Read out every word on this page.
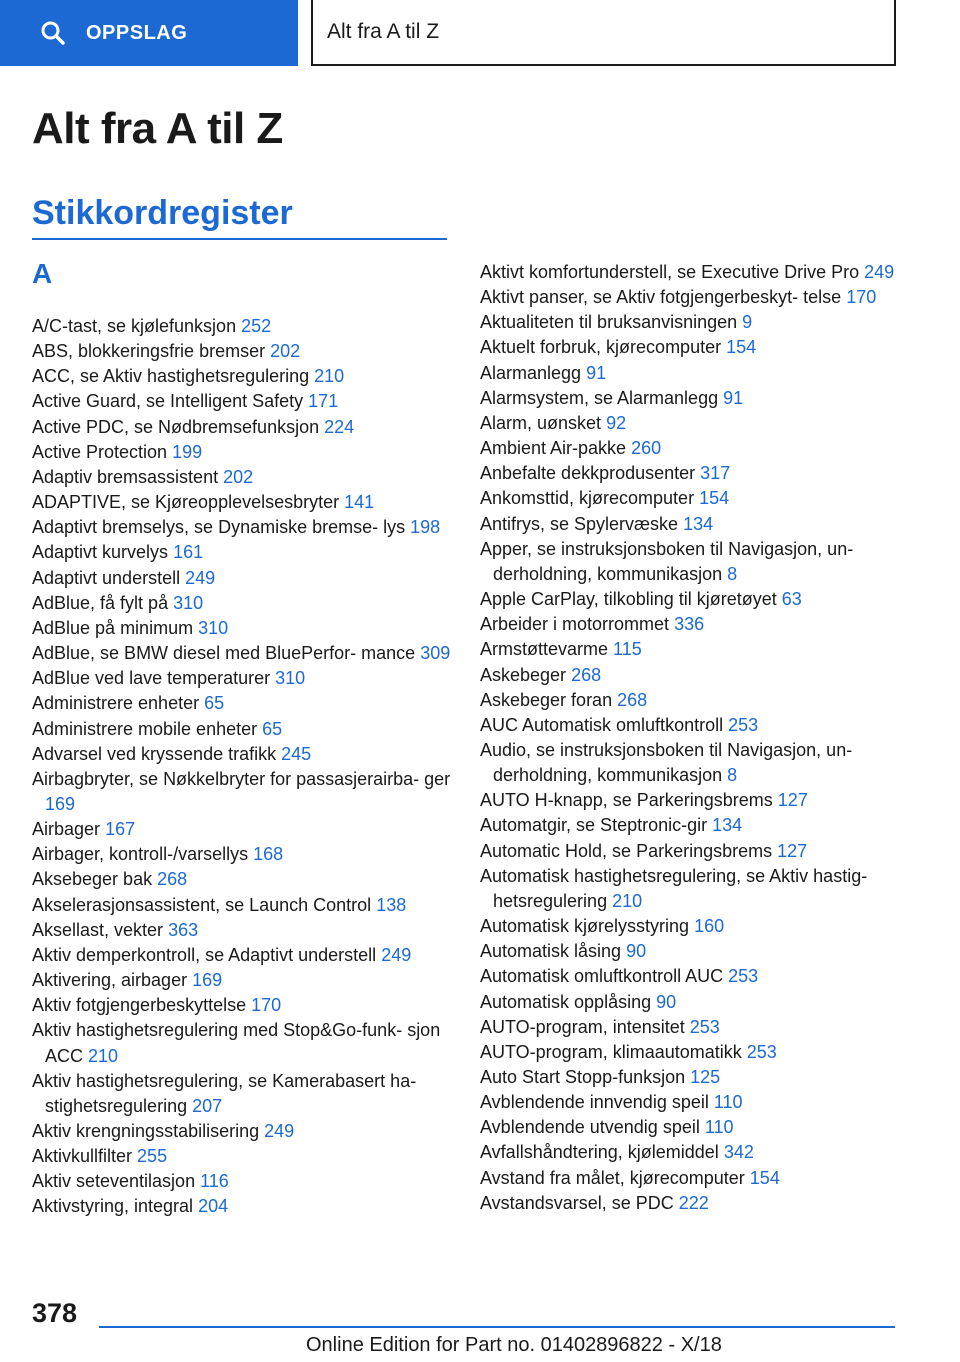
OPPSLAG	Alt fra A til Z
Alt fra A til Z
Stikkordregister
A
A/C-tast, se kjølefunksjon 252
ABS, blokkeringsfrie bremser 202
ACC, se Aktiv hastighetsregulering 210
Active Guard, se Intelligent Safety 171
Active PDC, se Nødbremsefunksjon 224
Active Protection 199
Adaptiv bremsassistent 202
ADAPTIVE, se Kjøreopplevelsesbryter 141
Adaptivt bremselys, se Dynamiske bremse‐ lys 198
Adaptivt kurvelys 161
Adaptivt understell 249
AdBlue, få fylt på 310
AdBlue på minimum 310
AdBlue, se BMW diesel med BluePerfor‐ mance 309
AdBlue ved lave temperaturer 310
Administrere enheter 65
Administrere mobile enheter 65
Advarsel ved kryssende trafikk 245
Airbagbryter, se Nøkkelbryter for passasjerairba‐ ger 169
Airbager 167
Airbager, kontroll-/varsellys 168
Aksebeger bak 268
Akselerasjonsassistent, se Launch Control 138
Aksellast, vekter 363
Aktiv demperkontroll, se Adaptivt understell 249
Aktivering, airbager 169
Aktiv fotgjengerbeskyttelse 170
Aktiv hastighetsregulering med Stop&Go-funk‐ sjon ACC 210
Aktiv hastighetsregulering, se Kamerabasert ha‐ stighetsregulering 207
Aktiv krengningsstabilisering 249
Aktivkullfilter 255
Aktiv seteventilasjon 116
Aktivstyring, integral 204
Aktivt komfortunderstell, se Executive Drive Pro 249
Aktivt panser, se Aktiv fotgjengerbeskyt‐ telse 170
Aktualiteten til bruksanvisningen 9
Aktuelt forbruk, kjørecomputer 154
Alarmanlegg 91
Alarmsystem, se Alarmanlegg 91
Alarm, uønsket 92
Ambient Air-pakke 260
Anbefalte dekkprodusenter 317
Ankomsttid, kjørecomputer 154
Antifrys, se Spylervæske 134
Apper, se instruksjonsboken til Navigasjon, un‐ derholdning, kommunikasjon 8
Apple CarPlay, tilkobling til kjøretøyet 63
Arbeider i motorrommet 336
Armstøttevarme 115
Askebeger 268
Askebeger foran 268
AUC Automatisk omluftkontroll 253
Audio, se instruksjonsboken til Navigasjon, un‐ derholdning, kommunikasjon 8
AUTO H-knapp, se Parkeringsbrems 127
Automatgir, se Steptronic-gir 134
Automatic Hold, se Parkeringsbrems 127
Automatisk hastighetsregulering, se Aktiv hastig‐ hetsregulering 210
Automatisk kjørelysstyring 160
Automatisk låsing 90
Automatisk omluftkontroll AUC 253
Automatisk opplåsing 90
AUTO-program, intensitet 253
AUTO-program, klimaautomatikk 253
Auto Start Stopp-funksjon 125
Avblendende innvendig speil 110
Avblendende utvendig speil 110
Avfallshåndtering, kjølemiddel 342
Avstand fra målet, kjørecomputer 154
Avstandsvarsel, se PDC 222
378
Online Edition for Part no. 01402896822 - X/18
